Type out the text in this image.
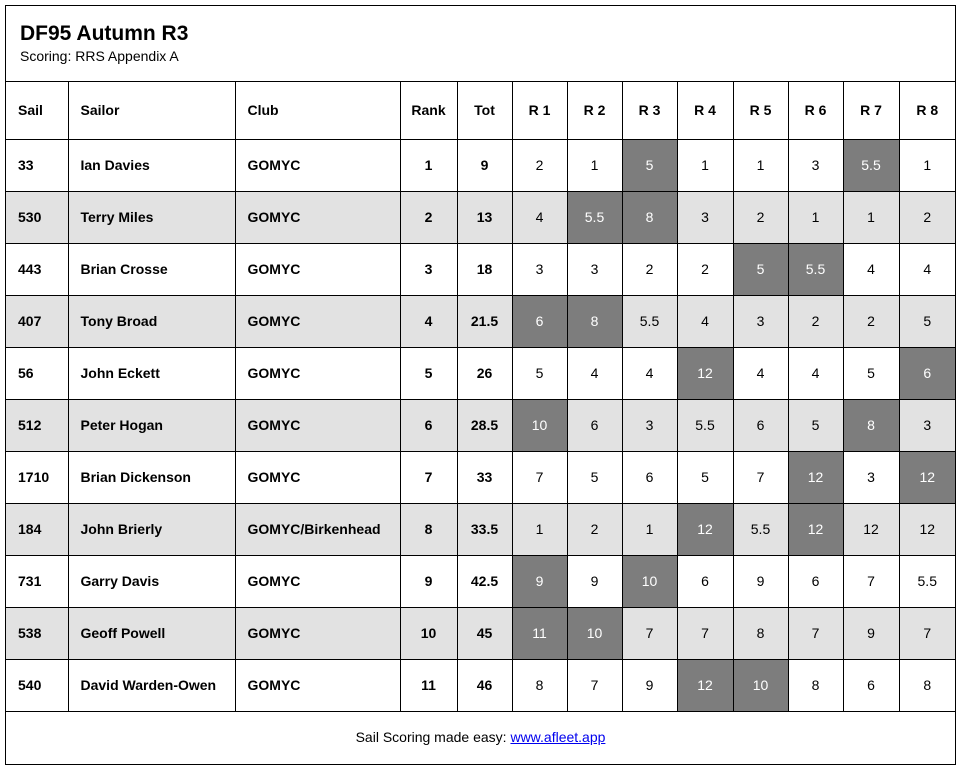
DF95 Autumn R3
Scoring: RRS Appendix A
Sail	Sailor	Club	Rank	Tot	R 1	R 2	R 3	R 4	R 5	R 6	R 7	R 8
33	Ian Davies	GOMYC	1	9	2	1	5	1	1	3	5.5	1
530	Terry Miles	GOMYC	2	13	4	5.5	8	3	2	1	1	2
443	Brian Crosse	GOMYC	3	18	3	3	2	2	5	5.5	4	4
407	Tony Broad	GOMYC	4	21.5	6	8	5.5	4	3	2	2	5
56	John Eckett	GOMYC	5	26	5	4	4	12	4	4	5	6
512	Peter Hogan	GOMYC	6	28.5	10	6	3	5.5	6	5	8	3
1710	Brian Dickenson	GOMYC	7	33	7	5	6	5	7	12	3	12
184	John Brierly	GOMYC/Birkenhead	8	33.5	1	2	1	12	5.5	12	12	12
731	Garry Davis	GOMYC	9	42.5	9	9	10	6	9	6	7	5.5
538	Geoff Powell	GOMYC	10	45	11	10	7	7	8	7	9	7
540	David Warden-Owen	GOMYC	11	46	8	7	9	12	10	8	6	8
Sail Scoring made easy: www.afleet.app
